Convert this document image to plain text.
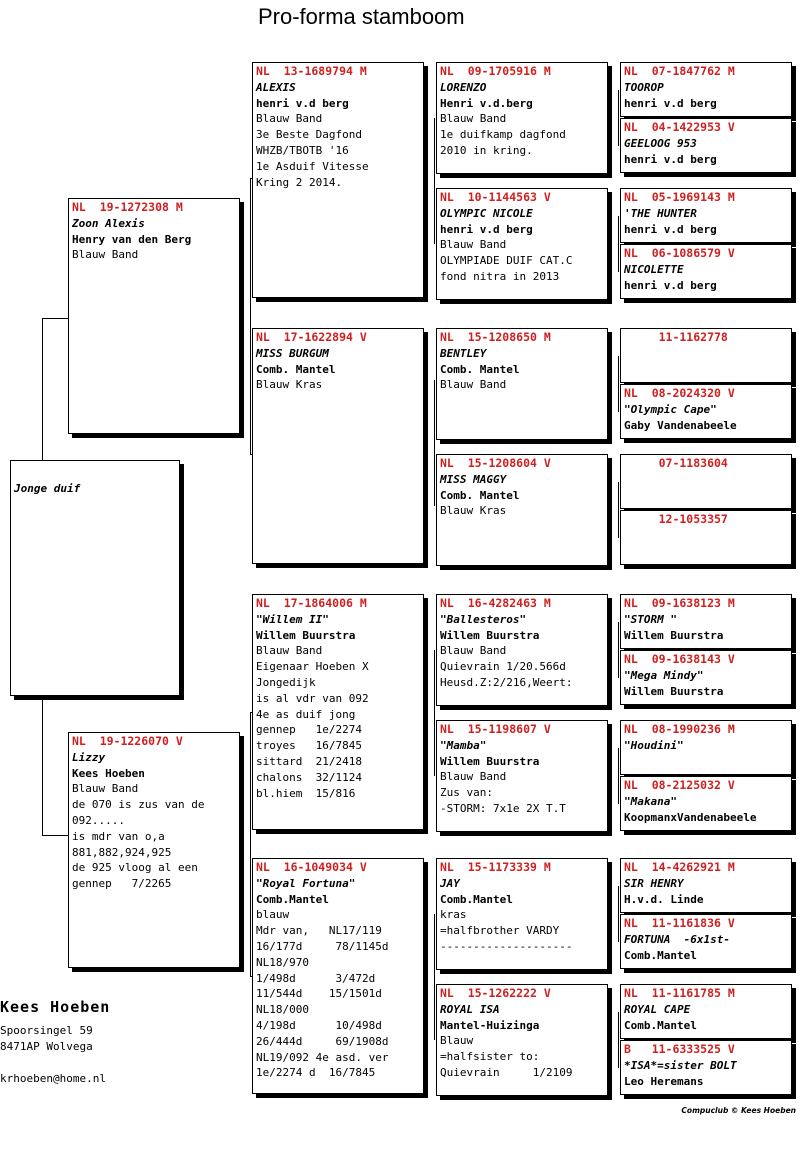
Pro-forma stamboom
Jonge duif
NL  19-1272308 M
Zoon Alexis
Henry van den Berg
Blauw Band
NL  19-1226070 V
Lizzy
Kees Hoeben
Blauw Band
de 070 is zus van de
092.....
is mdr van o,a
881,882,924,925
de 925 vloog al een
gennep   7/2265
NL  13-1689794 M
ALEXIS
henri v.d berg
Blauw Band
3e Beste Dagfond
WHZB/TBOTB '16
1e Asduif Vitesse
Kring 2 2014.
NL  17-1622894 V
MISS BURGUM
Comb. Mantel
Blauw Kras
NL  17-1864006 M
"Willem II"
Willem Buurstra
Blauw Band
Eigenaar Hoeben X
Jongedijk
is al vdr van 092
4e as duif jong
gennep   1e/2274
troyes   16/7845
sittard  21/2418
chalons  32/1124
bl.hiem  15/816
NL  16-1049034 V
"Royal Fortuna"
Comb.Mantel
blauw
Mdr van,   NL17/119
16/177d     78/1145d
NL18/970
1/498d      3/472d
11/544d    15/1501d
NL18/000
4/198d      10/498d
26/444d     69/1908d
NL19/092 4e asd. ver
1e/2274 d  16/7845
NL  09-1705916 M
LORENZO
Henri v.d.berg
Blauw Band
1e duifkamp dagfond
2010 in kring.
NL  10-1144563 V
OLYMPIC NICOLE
henri v.d berg
Blauw Band
OLYMPIADE DUIF CAT.C
fond nitra in 2013
NL  15-1208650 M
BENTLEY
Comb. Mantel
Blauw Band
NL  15-1208604 V
MISS MAGGY
Comb. Mantel
Blauw Kras
NL  16-4282463 M
"Ballesteros"
Willem Buurstra
Blauw Band
Quievrain 1/20.566d
Heusd.Z:2/216,Weert:
NL  15-1198607 V
"Mamba"
Willem Buurstra
Blauw Band
Zus van:
-STORM: 7x1e 2X T.T
NL  15-1173339 M
JAY
Comb.Mantel
kras
=halfbrother VARDY
--------------------
NL  15-1262222 V
ROYAL ISA
Mantel-Huizinga
Blauw
=halfsister to:
Quievrain     1/2109
NL  07-1847762 M
TOOROP
henri v.d berg
NL  04-1422953 V
GEELOOG 953
henri v.d berg
NL  05-1969143 M
'THE HUNTER
henri v.d berg
NL  06-1086579 V
NICOLETTE
henri v.d berg
11-1162778
NL  08-2024320 V
"Olympic Cape"
Gaby Vandenabeele
07-1183604
12-1053357
NL  09-1638123 M
"STORM "
Willem Buurstra
NL  09-1638143 V
"Mega Mindy"
Willem Buurstra
NL  08-1990236 M
"Houdini"
NL  08-2125032 V
"Makana"
KoopmanxVandenabeele
NL  14-4262921 M
SIR HENRY
H.v.d. Linde
NL  11-1161836 V
FORTUNA  -6x1st-
Comb.Mantel
NL  11-1161785 M
ROYAL CAPE
Comb.Mantel
B   11-6333525 V
*ISA*=sister BOLT
Leo Heremans
Kees Hoeben
Spoorsingel 59
8471AP Wolvega
krhoeben@home.nl
Compuclub © Kees Hoeben
